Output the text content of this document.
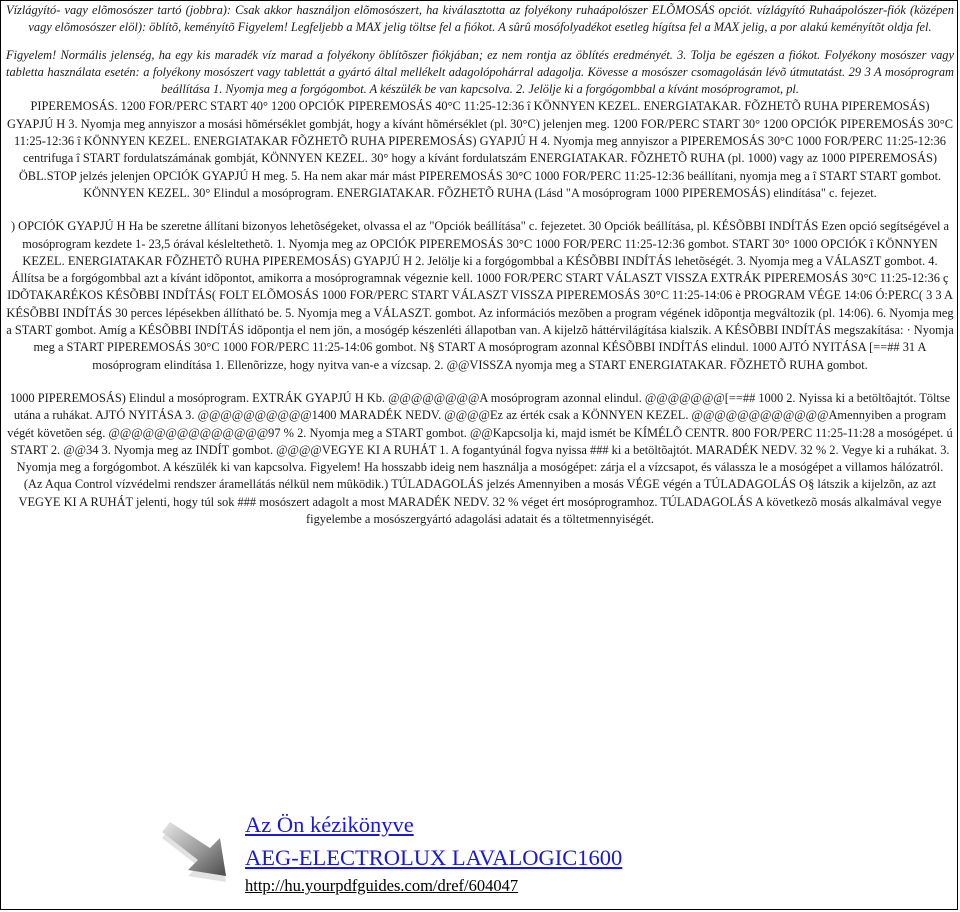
Vízlágyító- vagy elõmosószer tartó (jobbra): Csak akkor használjon elõmosószert, ha kiválasztotta az folyékony ruhaápolószer ELÕMOSÁS opciót. vízlágyító Ruhaápolószer-fiók (középen vagy elõmosószer elöl): öblítõ, keményítõ Figyelem! Legfeljebb a MAX jelig töltse fel a fiókot. A sûrû mosófolyadékot esetleg hígítsa fel a MAX jelig, a por alakú keményítõt oldja fel.

Figyelem! Normális jelenség, ha egy kis maradék víz marad a folyékony öblítõszer fiókjában; ez nem rontja az öblítés eredményét. 3. Tolja be egészen a fiókot. Folyékony mosószer vagy tabletta használata esetén: a folyékony mosószert vagy tablettát a gyártó által mellékelt adagolópohárral adagolja. Kövesse a mosószer csomagolásán lévõ útmutatást. 29 3 A mosóprogram beállítása 1. Nyomja meg a forgógombot. A készülék be van kapcsolva. 2. Jelölje ki a forgógombbal a kívánt mosóprogramot, pl.

PIPEREMOSÁS. 1200 FOR/PERC START 40° 1200 OPCIÓK PIPEREMOSÁS 40°C 11:25-12:36 î KÖNNYEN KEZEL. ENERGIATAKAR. FÕZHETÕ RUHA PIPEREMOSÁS) GYAPJÚ H 3. Nyomja meg annyiszor a mosási hõmérséklet gombját, hogy a kívánt hõmérséklet (pl. 30°C) jelenjen meg. 1200 FOR/PERC START 30° 1200 OPCIÓK PIPEREMOSÁS 30°C 11:25-12:36 î KÖNNYEN KEZEL. ENERGIATAKAR FÕZHETÕ RUHA PIPEREMOSÁS) GYAPJÚ H 4. Nyomja meg annyiszor a PIPEREMOSÁS 30°C 1000 FOR/PERC 11:25-12:36 centrifuga î START fordulatszámának gombját, KÖNNYEN KEZEL. 30° hogy a kívánt fordulatszám ENERGIATAKAR. FÕZHETÕ RUHA (pl. 1000) vagy az 1000 PIPEREMOSÁS) ÖBL.STOP jelzés jelenjen OPCIÓK GYAPJÚ H meg. 5. Ha nem akar már mást PIPEREMOSÁS 30°C 1000 FOR/PERC 11:25-12:36 beállítani, nyomja meg a î START START gombot. KÖNNYEN KEZEL. 30° Elindul a mosóprogram. ENERGIATAKAR. FÕZHETÕ RUHA (Lásd "A mosóprogram 1000 PIPEREMOSÁS) elindítása" c. fejezet.

) OPCIÓK GYAPJÚ H Ha be szeretne állítani bizonyos lehetõségeket, olvassa el az "Opciók beállítása" c. fejezetet. 30 Opciók beállítása, pl. KÉSÕBBI INDÍTÁS Ezen opció segítségével a mosóprogram kezdete 1- 23,5 órával késleltethetõ. 1. Nyomja meg az OPCIÓK PIPEREMOSÁS 30°C 1000 FOR/PERC 11:25-12:36 gombot. START 30° 1000 OPCIÓK î KÖNNYEN KEZEL. ENERGIATAKAR FÕZHETÕ RUHA PIPEREMOSÁS) GYAPJÚ H 2. Jelölje ki a forgógombbal a KÉSÕBBI INDÍTÁS lehetõségét. 3. Nyomja meg a VÁLASZT gombot. 4. Állítsa be a forgógombbal azt a kívánt idõpontot, amikorra a mosóprogramnak végeznie kell. 1000 FOR/PERC START VÁLASZT VISSZA EXTRÁK PIPEREMOSÁS 30°C 11:25-12:36 ç IDÕTAKARÉKOS KÉSÕBBI INDÍTÁS( FOLT ELÕMOSÁS 1000 FOR/PERC START VÁLASZT VISSZA PIPEREMOSÁS 30°C 11:25-14:06 è PROGRAM VÉGE 14:06 Ó:PERC( 3 3 A KÉSÕBBI INDÍTÁS 30 perces lépésekben állítható be. 5. Nyomja meg a VÁLASZT. gombot. Az információs mezõben a program végének idõpontja megváltozik (pl. 14:06). 6. Nyomja meg a START gombot. Amíg a KÉSÕBBI INDÍTÁS idõpontja el nem jön, a mosógép készenléti állapotban van. A kijelzõ háttérvilágítása kialszik. A KÉSÕBBI INDÍTÁS megszakítása: · Nyomja meg a START PIPEREMOSÁS 30°C 1000 FOR/PERC 11:25-14:06 gombot. N§ START A mosóprogram azonnal KÉSÕBBI INDÍTÁS elindul. 1000 AJTÓ NYITÁSA [==## 31 A mosóprogram elindítása 1. Ellenõrizze, hogy nyitva van-e a vízcsap. 2. @@VISSZA nyomja meg a START ENERGIATAKAR. FÕZHETÕ RUHA gombot.

1000 PIPEREMOSÁS) Elindul a mosóprogram. EXTRÁK GYAPJÚ H Kb. @@@@@@@@A mosóprogram azonnal elindul. @@@@@@@[==## 1000 2. Nyissa ki a betöltõajtót. Töltse utána a ruhákat. AJTÓ NYITÁSA 3. @@@@@@@@@@1400 MARADÉK NEDV. @@@@Ez az érték csak a KÖNNYEN KEZEL. @@@@@@@@@@@@Amennyiben a program végét követõen ség. @@@@@@@@@@@@@@97 % 2. Nyomja meg a START gombot. @@Kapcsolja ki, majd ismét be KÍMÉLÕ CENTR. 800 FOR/PERC 11:25-11:28 a mosógépet. ú START 2. @@34 3. Nyomja meg az INDÍT gombot. @@@@VEGYE KI A RUHÁT 1. A fogantyúnál fogva nyissa ### ki a betöltõajtót. MARADÉK NEDV. 32 % 2. Vegye ki a ruhákat. 3. Nyomja meg a forgógombot. A készülék ki van kapcsolva. Figyelem! Ha hosszabb ideig nem használja a mosógépet: zárja el a vízcsapot, és válassza le a mosógépet a villamos hálózatról. (Az Aqua Control vízvédelmi rendszer áramellátás nélkül nem mûködik.) TÚLADAGOLÁS jelzés Amennyiben a mosás VÉGE végén a TÚLADAGOLÁS O§ látszik a kijelzõn, az azt VEGYE KI A RUHÁT jelenti, hogy túl sok ### mosószert adagolt a most MARADÉK NEDV. 32 % véget ért mosóprogramhoz. TÚLADAGOLÁS A következõ mosás alkalmával vegye figyelembe a mosószergyártó adagolási adatait és a töltetmennyiségét.

Az Ön kézikönyve
AEG-ELECTROLUX LAVALOGIC1600
http://hu.yourpdfguides.com/dref/604047
